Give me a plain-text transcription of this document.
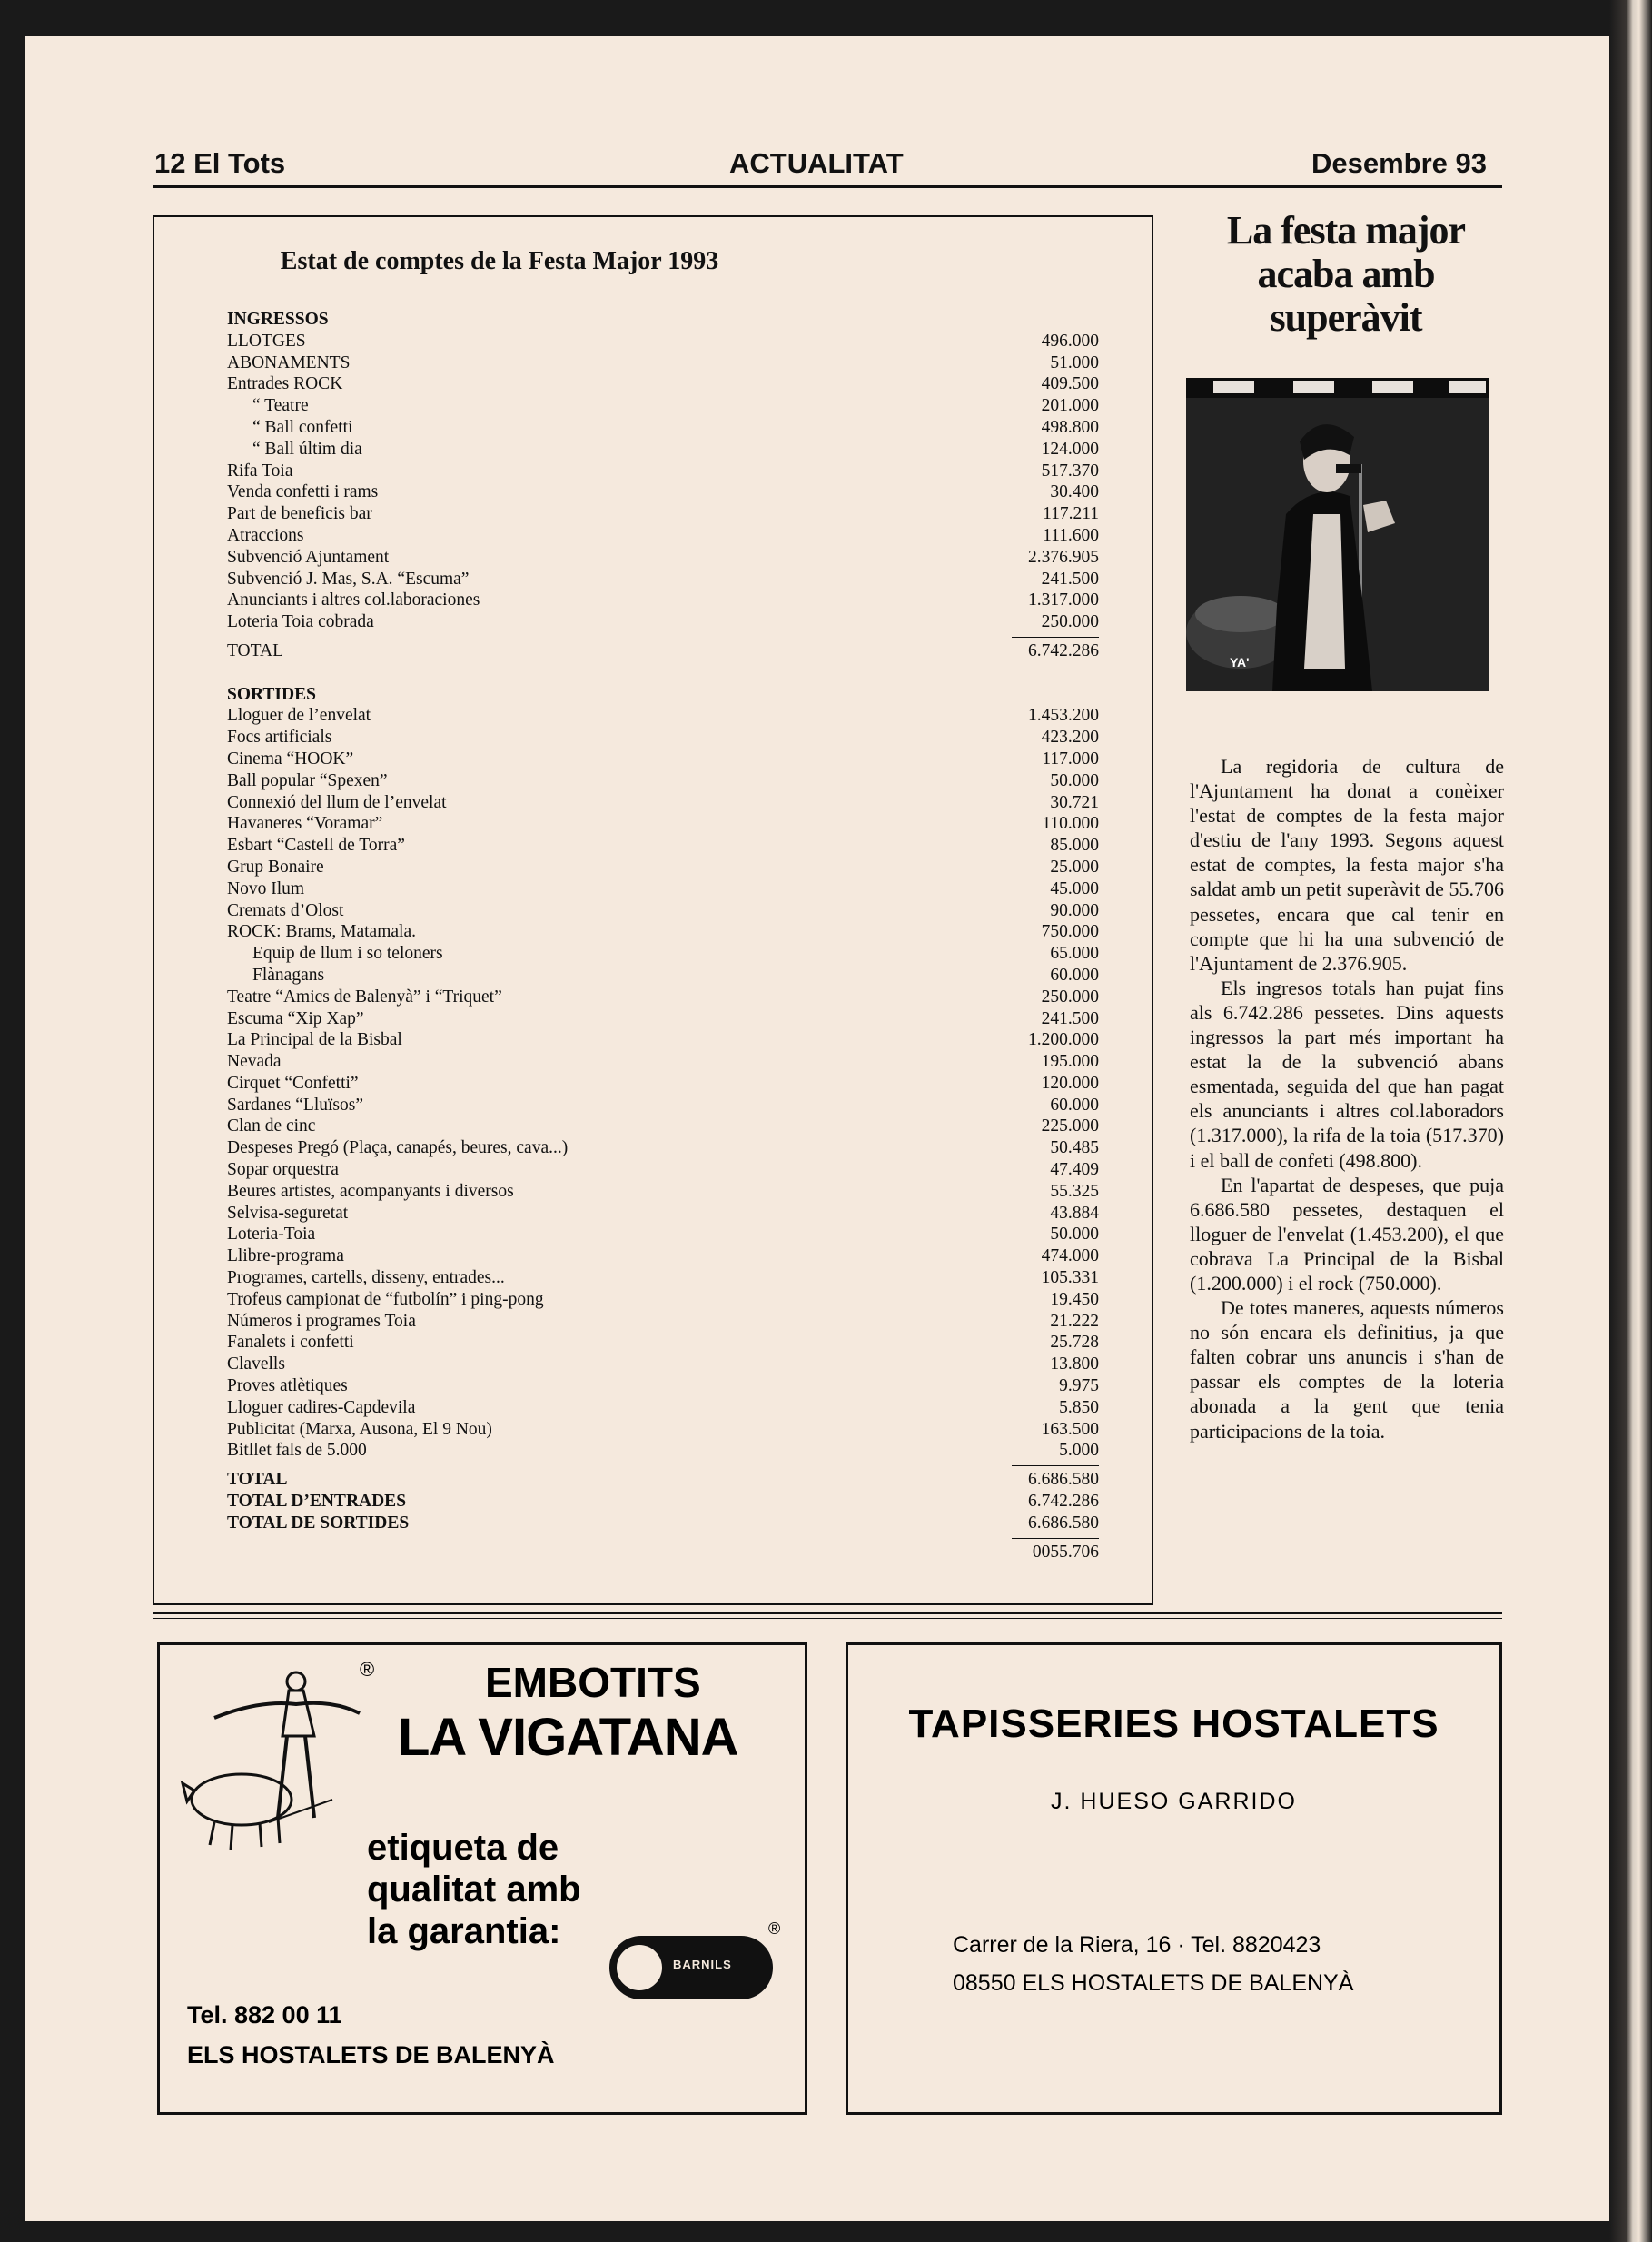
12 El Tots	ACTUALITAT	Desembre 93
Estat de comptes de la Festa Major 1993
INGRESSOS
LLOTGES	496.000
ABONAMENTS	51.000
Entrades ROCK	409.500
“ Teatre	201.000
“ Ball confetti	498.800
“ Ball últim dia	124.000
Rifa Toia	517.370
Venda confetti i rams	30.400
Part de beneficis bar	117.211
Atraccions	111.600
Subvenció Ajuntament	2.376.905
Subvenció J. Mas, S.A. “Escuma”	241.500
Anunciants i altres col.laboraciones	1.317.000
Loteria Toia cobrada	250.000
TOTAL	6.742.286
SORTIDES
Lloguer de l’envelat	1.453.200
Focs artificials	423.200
Cinema “HOOK”	117.000
Ball popular “Spexen”	50.000
Connexió del llum de l’envelat	30.721
Havaneres “Voramar”	110.000
Esbart “Castell de Torra”	85.000
Grup Bonaire	25.000
Novo Ilum	45.000
Cremats d’Olost	90.000
ROCK: Brams, Matamala.	750.000
Equip de llum i so teloners	65.000
Flànagans	60.000
Teatre “Amics de Balenyà” i “Triquet”	250.000
Escuma “Xip Xap”	241.500
La Principal de la Bisbal	1.200.000
Nevada	195.000
Cirquet “Confetti”	120.000
Sardanes “Lluïsos”	60.000
Clan de cinc	225.000
Despeses Pregó (Plaça, canapés, beures, cava...)	50.485
Sopar orquestra	47.409
Beures artistes, acompanyants i diversos	55.325
Selvisa-seguretat	43.884
Loteria-Toia	50.000
Llibre-programa	474.000
Programes, cartells, disseny, entrades...	105.331
Trofeus campionat de “futbolín” i ping-pong	19.450
Números i programes Toia	21.222
Fanalets i confetti	25.728
Clavells	13.800
Proves atlètiques	9.975
Lloguer cadires-Capdevila	5.850
Publicitat (Marxa, Ausona, El 9 Nou)	163.500
Bitllet fals de 5.000	5.000
TOTAL	6.686.580
TOTAL D’ENTRADES	6.742.286
TOTAL DE SORTIDES	6.686.580
0055.706
La festa major acaba amb superàvit
YA'

La regidoria de cultura de l'Ajuntament ha donat a conèixer l'estat de comptes de la festa major d'estiu de l'any 1993. Segons aquest estat de comptes, la festa major s'ha saldat amb un petit superàvit de 55.706 pessetes, encara que cal tenir en compte que hi ha una subvenció de l'Ajuntament de 2.376.905.

Els ingresos totals han pujat fins als 6.742.286 pessetes. Dins aquests ingressos la part més important ha estat la de la subvenció abans esmentada, seguida del que han pagat els anunciants i altres col.laboradors (1.317.000), la rifa de la toia (517.370) i el ball de confeti (498.800).

En l'apartat de despeses, que puja 6.686.580 pessetes, destaquen el lloguer de l'envelat (1.453.200), el que cobrava La Principal de la Bisbal (1.200.000) i el rock (750.000).

De totes maneres, aquests números no són encara els definitius, ja que falten cobrar uns anuncis i s'han de passar els comptes de la loteria abonada a la gent que tenia participacions de la toia.

®	EMBOTITS
LA VIGATANA
etiqueta de
qualitat amb
la garantia:
BARNILS
®
Tel. 882 00 11
ELS HOSTALETS DE BALENYÀ
TAPISSERIES HOSTALETS
J. HUESO GARRIDO
Carrer de la Riera, 16 · Tel. 8820423
08550 ELS HOSTALETS DE BALENYÀ
